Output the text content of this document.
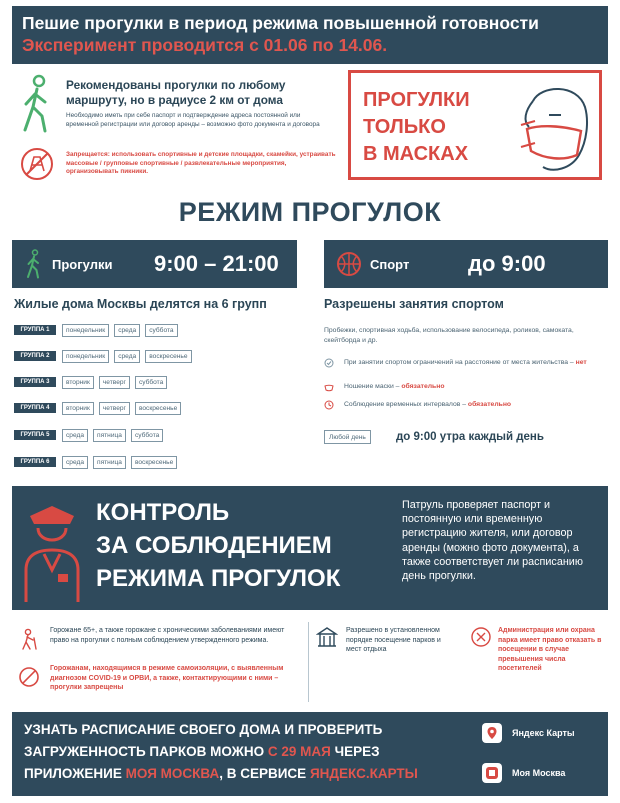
Пешие прогулки в период режима повышенной готовности
Эксперимент проводится с 01.06 по 14.06.
Рекомендованы прогулки по любому маршруту, но в радиусе 2 км от дома
Необходимо иметь при себе паспорт и подтверждение адреса постоянной или временной регистрации или договор аренды – возможно фото документа и договора
Запрещается: использовать спортивные и детские площадки, скамейки, устраивать массовые / групповые спортивные / развлекательные мероприятия, организовывать пикники.
ПРОГУЛКИ
ТОЛЬКО
В МАСКАХ
РЕЖИМ ПРОГУЛОК
Прогулки 9:00 – 21:00	Спорт	до 9:00
Жилые дома Москвы делятся на 6 групп
ГРУППА 1	понедельник	среда	суббота
ГРУППА 2	понедельник	среда	воскресенье
ГРУППА 3	вторник	четверг	суббота
ГРУППА 4	вторник	четверг	воскресенье
ГРУППА 5	среда	пятница	суббота
ГРУППА 6	среда	пятница	воскресенье
Разрешены занятия спортом
Пробежки, спортивная ходьба, использование велосипеда, роликов, самоката, скейтборда и др.
При занятии спортом ограничений на расстояние от места жительства – нет
Ношение маски – обязательно
Соблюдение временных интервалов – обязательно
Любой день	до 9:00 утра каждый день
КОНТРОЛЬ
ЗА СОБЛЮДЕНИЕМ
РЕЖИМА ПРОГУЛОК
Патруль проверяет паспорт и постоянную или временную регистрацию жителя, или договор аренды (можно фото документа), а также соответствует ли расписанию день прогулки.
Горожане 65+, а также горожане с хроническими заболеваниями имеют право на прогулки с полным соблюдением утвержденного режима.
Горожанам, находящимся в режиме самоизоляции, с выявленным диагнозом COVID-19 и ОРВИ, а также, контактирующими с ними – прогулки запрещены
Разрешено в установленном порядке посещение парков и мест отдыха
Администрация или охрана парка имеет право отказать в посещении в случае превышения числа посетителей
УЗНАТЬ РАСПИСАНИЕ СВОЕГО ДОМА И ПРОВЕРИТЬ
ЗАГРУЖЕННОСТЬ ПАРКОВ МОЖНО С 29 МАЯ ЧЕРЕЗ
ПРИЛОЖЕНИЕ МОЯ МОСКВА, В СЕРВИСЕ ЯНДЕКС.КАРТЫ
Яндекс Карты
Моя Москва
